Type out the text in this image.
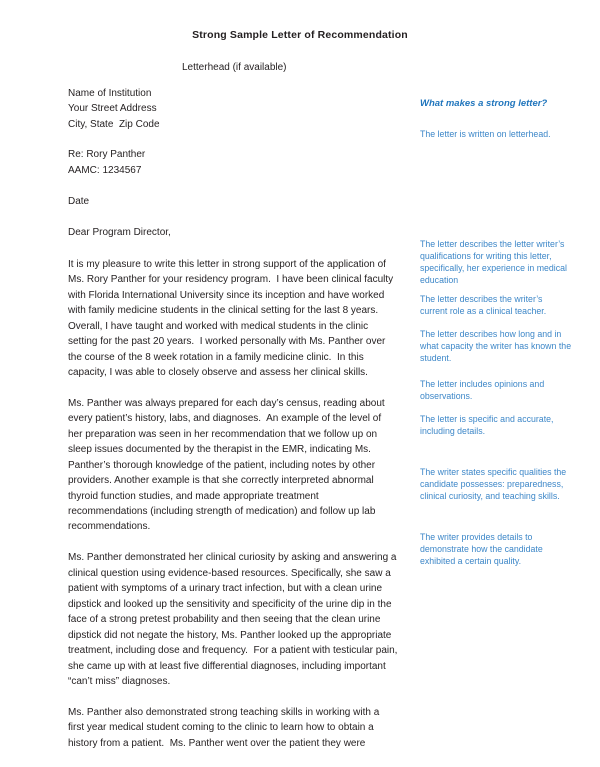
Strong Sample Letter of Recommendation
Letterhead (if available)
Name of Institution
Your Street Address
City, State  Zip Code
Re: Rory Panther
AAMC: 1234567
Date
Dear Program Director,

It is my pleasure to write this letter in strong support of the application of Ms. Rory Panther for your residency program.  I have been clinical faculty with Florida International University since its inception and have worked with family medicine students in the clinical setting for the last 8 years.  Overall, I have taught and worked with medical students in the clinic setting for the past 20 years.  I worked personally with Ms. Panther over the course of the 8 week rotation in a family medicine clinic.  In this capacity, I was able to closely observe and assess her clinical skills.

Ms. Panther was always prepared for each day’s census, reading about every patient’s history, labs, and diagnoses.  An example of the level of her preparation was seen in her recommendation that we follow up on sleep issues documented by the therapist in the EMR, indicating Ms. Panther’s thorough knowledge of the patient, including notes by other providers. Another example is that she correctly interpreted abnormal thyroid function studies, and made appropriate treatment recommendations (including strength of medication) and follow up lab recommendations.

Ms. Panther demonstrated her clinical curiosity by asking and answering a clinical question using evidence-based resources. Specifically, she saw a patient with symptoms of a urinary tract infection, but with a clean urine dipstick and looked up the sensitivity and specificity of the urine dip in the face of a strong pretest probability and then seeing that the clean urine dipstick did not negate the history, Ms. Panther looked up the appropriate treatment, including dose and frequency.  For a patient with testicular pain, she came up with at least five differential diagnoses, including important “can’t miss” diagnoses.

Ms. Panther also demonstrated strong teaching skills in working with a first year medical student coming to the clinic to learn how to obtain a history from a patient.  Ms. Panther went over the patient they were

What makes a strong letter?
The letter is written on letterhead.
The letter describes the letter writer’s qualifications for writing this letter, specifically, her experience in medical education
The letter describes the writer’s current role as a clinical teacher.
The letter describes how long and in what capacity the writer has known the student.
The letter includes opinions and observations.
The letter is specific and accurate, including details.
The writer states specific qualities the candidate possesses: preparedness, clinical curiosity, and teaching skills.
The writer provides details to demonstrate how the candidate exhibited a certain quality.
